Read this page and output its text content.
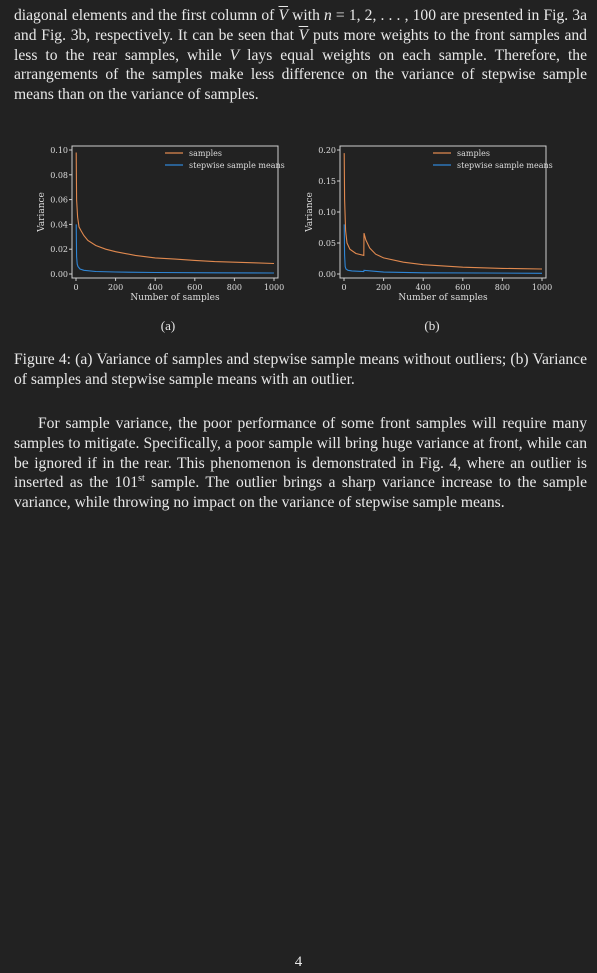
diagonal elements and the first column of $\overline{V}$ with n = 1, 2, . . . , 100 are presented in Fig. 3a and Fig. 3b, respectively. It can be seen that $\overline{V}$ puts more weights to the front samples and less to the rear samples, while V lays equal weights on each sample. Therefore, the arrangements of the samples make less difference on the variance of stepwise sample means than on the variance of samples.

0	200	400	600	800	1000
0.00
0.02
0.04
0.06
0.08
0.10
Number of samples
Variance
samples
stepwise sample means
(a)
0	200	400	600	800	1000
0.00
0.05
0.10
0.15
0.20
Number of samples
Variance
samples
stepwise sample means
(b)

Figure 4: (a) Variance of samples and stepwise sample means without outliers; (b) Variance of samples and stepwise sample means with an outlier.

For sample variance, the poor performance of some front samples will require many samples to mitigate. Specifically, a poor sample will bring huge variance at front, while can be ignored if in the rear. This phenomenon is demonstrated in Fig. 4, where an outlier is inserted as the 101st sample. The outlier brings a sharp variance increase to the sample variance, while throwing no impact on the variance of stepwise sample means.

4
